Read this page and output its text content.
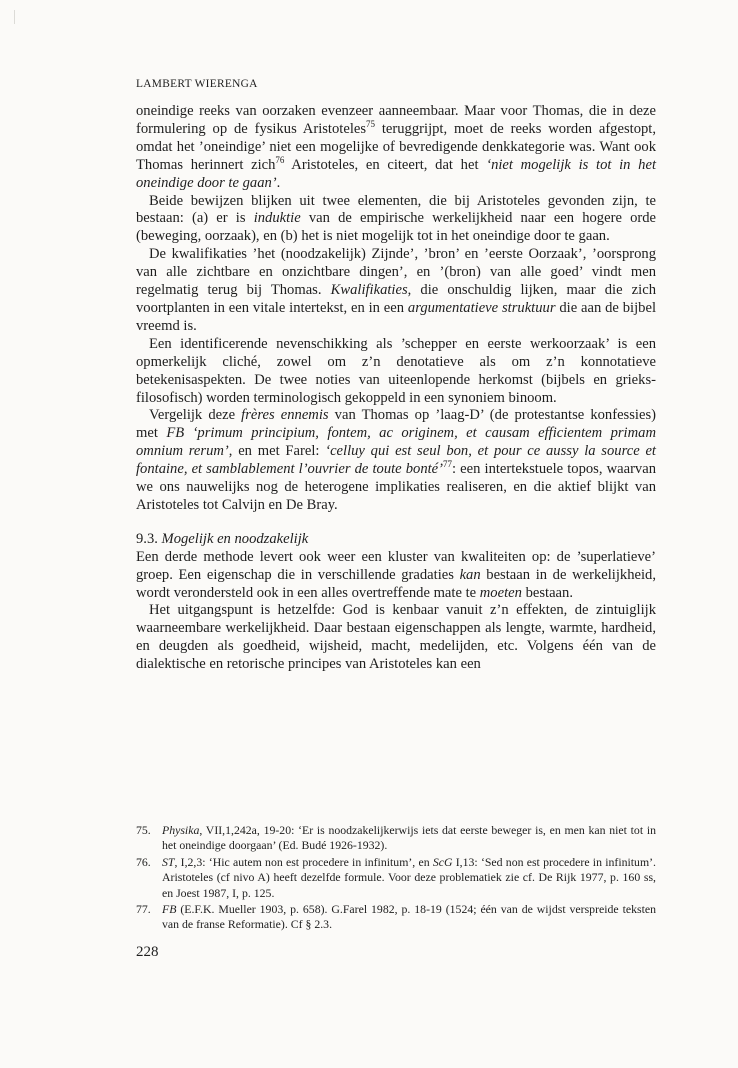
LAMBERT WIERENGA

oneindige reeks van oorzaken evenzeer aanneembaar. Maar voor Thomas, die in deze formulering op de fysikus Aristoteles$^{75}$ teruggrijpt, moet de reeks worden afgestopt, omdat het ’oneindige’ niet een mogelijke of bevredigende denkkategorie was. Want ook Thomas herinnert zich$^{76}$ Aristoteles, en citeert, dat het ‘niet mogelijk is tot in het oneindige door te gaan’.

Beide bewijzen blijken uit twee elementen, die bij Aristoteles gevonden zijn, te bestaan: (a) er is induktie van de empirische werkelijkheid naar een hogere orde (beweging, oorzaak), en (b) het is niet mogelijk tot in het oneindige door te gaan.

De kwalifikaties ’het (noodzakelijk) Zijnde’, ’bron’ en ’eerste Oorzaak’, ’oorsprong van alle zichtbare en onzichtbare dingen’, en ’(bron) van alle goed’ vindt men regelmatig terug bij Thomas. Kwalifikaties, die onschuldig lijken, maar die zich voortplanten in een vitale intertekst, en in een argumentatieve struktuur die aan de bijbel vreemd is.

Een identificerende nevenschikking als ’schepper en eerste werkoorzaak’ is een opmerkelijk cliché, zowel om z’n denotatieve als om z’n konnotatieve betekenisaspekten. De twee noties van uiteenlopende herkomst (bijbels en grieks-filosofisch) worden terminologisch gekoppeld in een synoniem binoom.

Vergelijk deze frères ennemis van Thomas op ’laag-D’ (de protestantse konfessies) met FB ‘primum principium, fontem, ac originem, et causam efficientem primam omnium rerum’, en met Farel: ‘celluy qui est seul bon, et pour ce aussy la source et fontaine, et samblablement l’ouvrier de toute bonté’$^{77}$: een intertekstuele topos, waarvan we ons nauwelijks nog de heterogene implikaties realiseren, en die aktief blijkt van Aristoteles tot Calvijn en De Bray.

9.3. Mogelijk en noodzakelijk

Een derde methode levert ook weer een kluster van kwaliteiten op: de ’superlatieve’ groep. Een eigenschap die in verschillende gradaties kan bestaan in de werkelijkheid, wordt verondersteld ook in een alles overtreffende mate te moeten bestaan.

Het uitgangspunt is hetzelfde: God is kenbaar vanuit z’n effekten, de zintuiglijk waarneembare werkelijkheid. Daar bestaan eigenschappen als lengte, warmte, hardheid, en deugden als goedheid, wijsheid, macht, medelijden, etc. Volgens één van de dialektische en retorische principes van Aristoteles kan een

75. Physika, VII,1,242a, 19-20: ‘Er is noodzakelijkerwijs iets dat eerste beweger is, en men kan niet tot in het oneindige doorgaan’ (Ed. Budé 1926-1932).
76. ST, I,2,3: ‘Hic autem non est procedere in infinitum’, en ScG I,13: ‘Sed non est procedere in infinitum’. Aristoteles (cf nivo A) heeft dezelfde formule. Voor deze problematiek zie cf. De Rijk 1977, p. 160 ss, en Joest 1987, I, p. 125.
77. FB (E.F.K. Mueller 1903, p. 658). G.Farel 1982, p. 18-19 (1524; één van de wijdst verspreide teksten van de franse Reformatie). Cf § 2.3.
228
